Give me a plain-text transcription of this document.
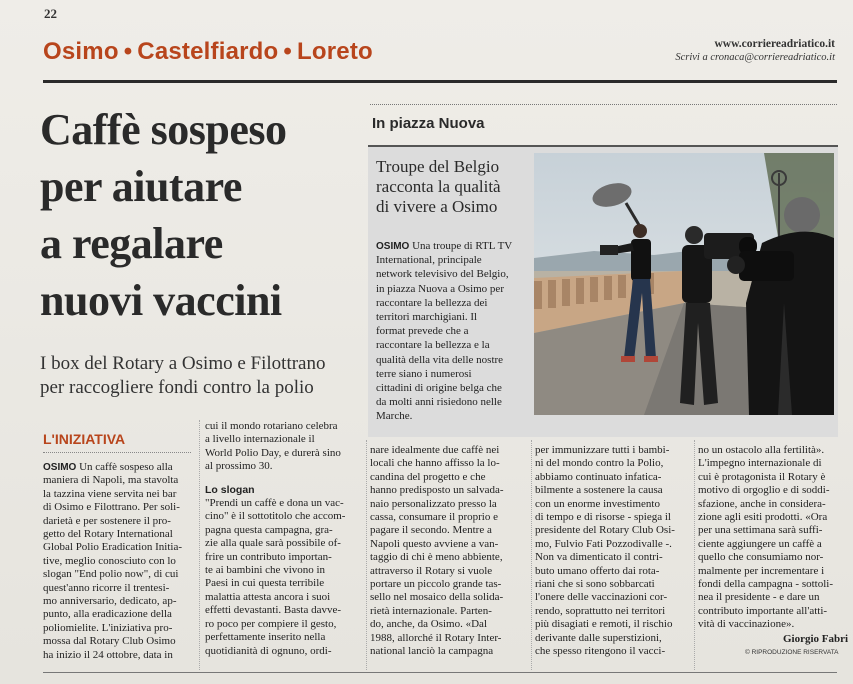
22
Osimo • Castelfiardo • Loreto	www.corriereadriatico.it
Scrivi a cronaca@corriereadriatico.it
Caffè sospeso
per aiutare
a regalare
nuovi vaccini
I box del Rotary a Osimo e Filottrano
per raccogliere fondi contro la polio
In piazza Nuova
Troupe del Belgio
racconta la qualità
di vivere a Osimo
OSIMO Una troupe di RTL TV
International, principale
network televisivo del Belgio,
in piazza Nuova a Osimo per
raccontare la bellezza dei
territori marchigiani. Il
format prevede che a
raccontare la bellezza e la
qualità della vita delle nostre
terre siano i numerosi
cittadini di origine belga che
da molti anni risiedono nelle
Marche.
L'INIZIATIVA
OSIMO Un caffè sospeso alla
maniera di Napoli, ma stavolta
la tazzina viene servita nei bar
di Osimo e Filottrano. Per soli-
darietà e per sostenere il pro-
getto del Rotary International
Global Polio Eradication Initia-
tive, meglio conosciuto con lo
slogan "End polio now", di cui
quest'anno ricorre il trentesi-
mo anniversario, dedicato, ap-
punto, alla eradicazione della
poliomielite. L'iniziativa pro-
mossa dal Rotary Club Osimo
ha inizio il 24 ottobre, data in
cui il mondo rotariano celebra
a livello internazionale il
World Polio Day, e durerà sino
al prossimo 30.
Lo slogan
"Prendi un caffè e dona un vac-
cino" è il sottotitolo che accom-
pagna questa campagna, gra-
zie alla quale sarà possibile of-
frire un contributo importan-
te ai bambini che vivono in
Paesi in cui questa terribile
malattia attesta ancora i suoi
effetti devastanti. Basta davve-
ro poco per compiere il gesto,
perfettamente inserito nella
quotidianità di ognuno, ordi-
nare idealmente due caffè nei
locali che hanno affisso la lo-
candina del progetto e che
hanno predisposto un salvada-
naio personalizzato presso la
cassa, consumare il proprio e
pagare il secondo. Mentre a
Napoli questo avviene a van-
taggio di chi è meno abbiente,
attraverso il Rotary si vuole
portare un piccolo grande tas-
sello nel mosaico della solida-
rietà internazionale. Parten-
do, anche, da Osimo. «Dal
1988, allorché il Rotary Inter-
national lanciò la campagna
per immunizzare tutti i bambi-
ni del mondo contro la Polio,
abbiamo continuato infatica-
bilmente a sostenere la causa
con un enorme investimento
di tempo e di risorse - spiega il
presidente del Rotary Club Osi-
mo, Fulvio Fati Pozzodivalle -.
Non va dimenticato il contri-
buto umano offerto dai rota-
riani che si sono sobbarcati
l'onere delle vaccinazioni cor-
rendo, soprattutto nei territori
più disagiati e remoti, il rischio
derivante dalle superstizioni,
che spesso ritengono il vacci-
no un ostacolo alla fertilità».
L'impegno internazionale di
cui è protagonista il Rotary è
motivo di orgoglio e di soddi-
sfazione, anche in considera-
zione agli esiti prodotti. «Ora
per una settimana sarà suffi-
ciente aggiungere un caffè a
quello che consumiamo nor-
malmente per incrementare i
fondi della campagna - sottoli-
nea il presidente - e dare un
contributo importante all'atti-
vità di vaccinazione».
Giorgio Fabri
© RIPRODUZIONE RISERVATA
